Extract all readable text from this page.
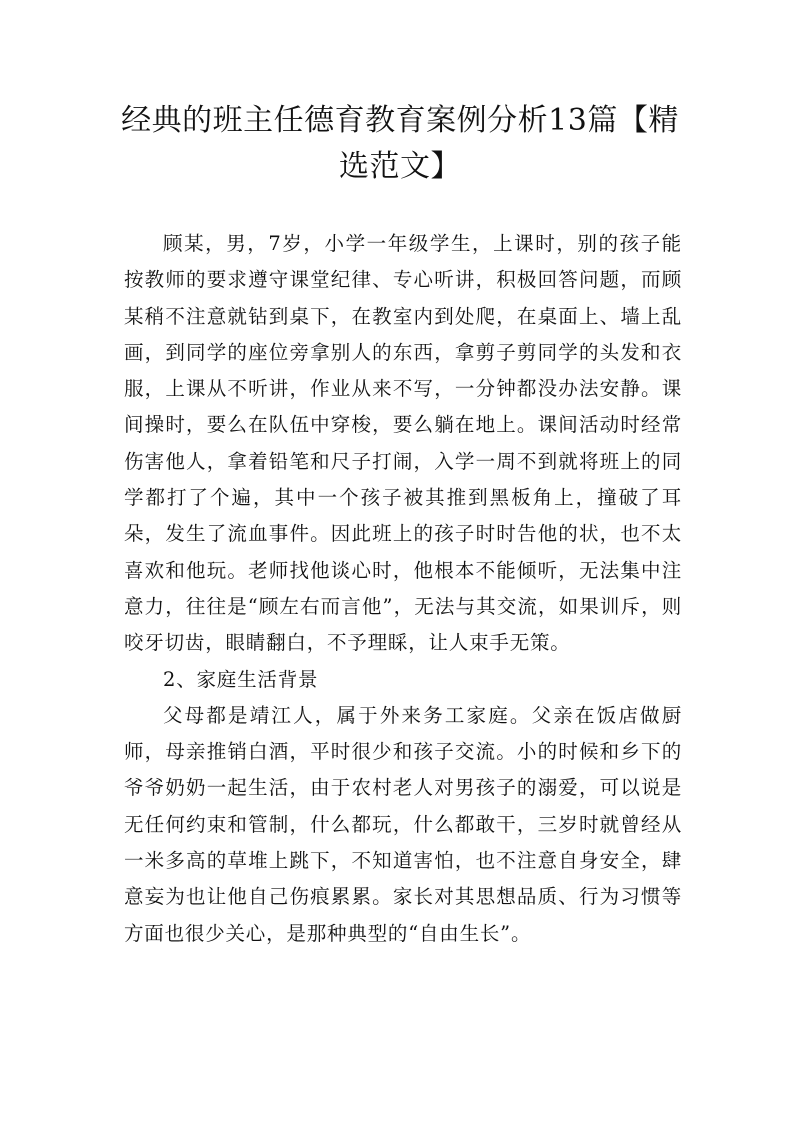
经典的班主任德育教育案例分析13篇【精选范文】

顾某，男，7岁，小学一年级学生，上课时，别的孩子能按教师的要求遵守课堂纪律、专心听讲，积极回答问题，而顾某稍不注意就钻到桌下，在教室内到处爬，在桌面上、墙上乱画，到同学的座位旁拿别人的东西，拿剪子剪同学的头发和衣服，上课从不听讲，作业从来不写，一分钟都没办法安静。课间操时，要么在队伍中穿梭，要么躺在地上。课间活动时经常伤害他人，拿着铅笔和尺子打闹，入学一周不到就将班上的同学都打了个遍，其中一个孩子被其推到黑板角上，撞破了耳朵，发生了流血事件。因此班上的孩子时时告他的状，也不太喜欢和他玩。老师找他谈心时，他根本不能倾听，无法集中注意力，往往是“顾左右而言他”，无法与其交流，如果训斥，则咬牙切齿，眼睛翻白，不予理睬，让人束手无策。

2、家庭生活背景

父母都是靖江人，属于外来务工家庭。父亲在饭店做厨师，母亲推销白酒，平时很少和孩子交流。小的时候和乡下的爷爷奶奶一起生活，由于农村老人对男孩子的溺爱，可以说是无任何约束和管制，什么都玩，什么都敢干，三岁时就曾经从一米多高的草堆上跳下，不知道害怕，也不注意自身安全，肆意妄为也让他自己伤痕累累。家长对其思想品质、行为习惯等方面也很少关心，是那种典型的“自由生长”。
